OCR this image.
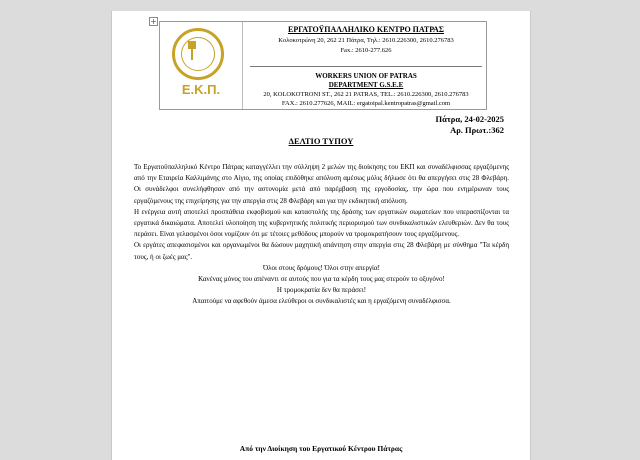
+
Ε.Κ.Π.
ΕΡΓΑΤΟΫΠΑΛΛΗΛΙΚΟ ΚΕΝΤΡΟ ΠΑΤΡΑΣ
Κολοκοτρώνη 20, 262 21 Πάτρα, Τηλ.: 2610.226300, 2610.276783
Fax.: 2610-277.626
WORKERS UNION OF PATRAS
DEPARTMENT G.S.E.E
20, KOLOKOTRONI ST., 262 21 PATRAS, TEL.: 2610.226300, 2610.276783
FAX.: 2610.277626, MAIL: ergatoipal.kentropatras@gmail.com
Πάτρα, 24-02-2025
Αρ. Πρωτ.:362
ΔΕΛΤΙΟ ΤΥΠΟΥ

Το Εργατοϋπαλληλικό Κέντρο Πάτρας καταγγέλλει την σύλληψη 2 μελών της διοίκησης του ΕΚΠ και συναδέλφισσας εργαζόμενης από την Εταιρεία Καλλιμάνης στο Αίγιο, της οποίας επιδόθηκε απόλυση αμέσως μόλις δήλωσε ότι θα απεργήσει στις 28 Φλεβάρη. Οι συνάδελφοι συνελήφθησαν από την αστυνομία μετά από παρέμβαση της εργοδοσίας, την ώρα που ενημέρωναν τους εργαζόμενους της επιχείρησης για την απεργία στις 28 Φλεβάρη και για την εκδικητική απόλυση.

Η ενέργεια αυτή αποτελεί προσπάθεια εκφοβισμού και καταστολής της δράσης των εργατικών σωματείων που υπερασπίζονται τα εργατικά δικαιώματα. Αποτελεί υλοποίηση της κυβερνητικής πολιτικής περιορισμού των συνδικαλιστικών ελευθεριών. Δεν θα τους περάσει. Είναι γελασμένοι όσοι νομίζουν ότι με τέτοιες μεθόδους μπορούν να τρομοκρατήσουν τους εργαζόμενους.

Οι εργάτες απεφασισμένοι και οργανωμένοι θα δώσουν μαχητική απάντηση στην απεργία στις 28 Φλεβάρη με σύνθημα "Τα κέρδη τους, ή οι ζωές μας".

Όλοι στους δρόμους! Όλοι στην απεργία!

Κανένας μόνος του απέναντι σε αυτούς που για τα κέρδη τους μας στερούν το οξυγόνο!

Η τρομοκρατία δεν θα περάσει!

Απαιτούμε να αφεθούν άμεσα ελεύθεροι οι συνδικαλιστές και η εργαζόμενη συναδέλφισσα.

Από την Διοίκηση του Εργατικού Κέντρου Πάτρας
